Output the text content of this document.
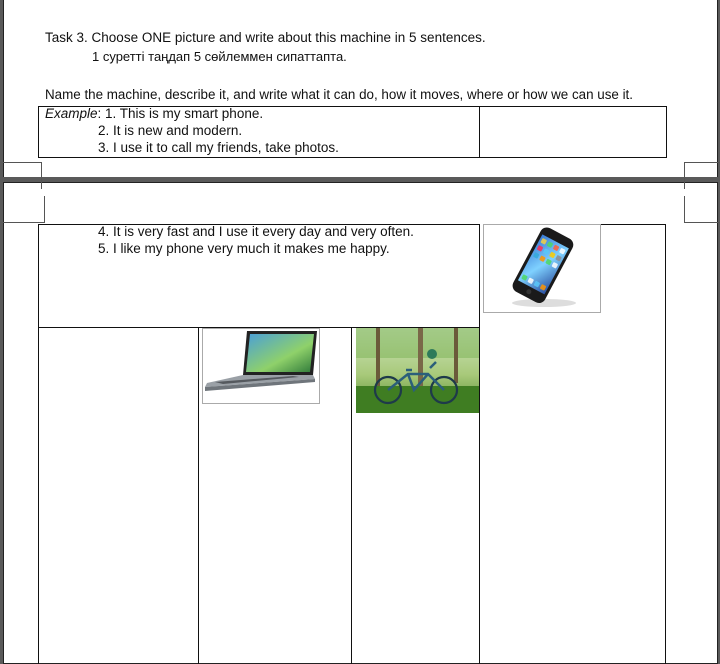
Task 3. Choose ONE picture and write about this machine in 5 sentences.
1 суретті таңдап 5 сөйлеммен сипаттапта.
Name the machine, describe it, and write what it can do, how it moves, where or how we can use it.
Example: 1. This is my smart phone.
2. It is new and modern.
3. I use it to call my friends, take photos.
4. It is very fast and I use it every day and very often.
5. I like my phone very much it makes me happy.
